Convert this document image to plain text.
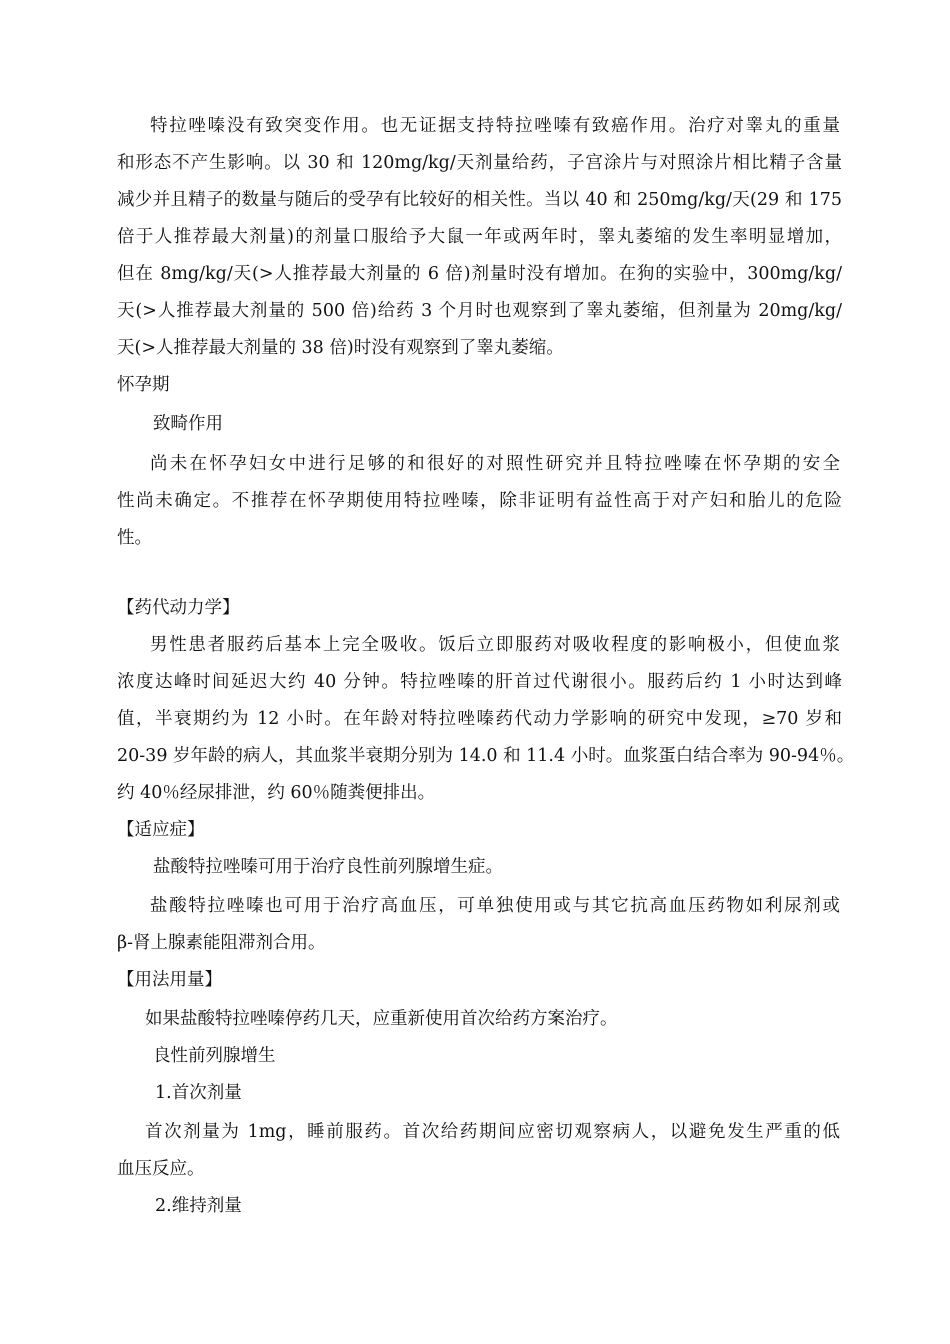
特拉唑嗪没有致突变作用。也无证据支持特拉唑嗪有致癌作用。治疗对睾丸的重量
和形态不产生影响。以 30 和 120mg/kg/天剂量给药，子宫涂片与对照涂片相比精子含量
减少并且精子的数量与随后的受孕有比较好的相关性。当以 40 和 250mg/kg/天(29 和 175
倍于人推荐最大剂量)的剂量口服给予大鼠一年或两年时，睾丸萎缩的发生率明显增加，
但在 8mg/kg/天(>人推荐最大剂量的 6 倍)剂量时没有增加。在狗的实验中，300mg/kg/
天(>人推荐最大剂量的 500 倍)给药 3 个月时也观察到了睾丸萎缩，但剂量为 20mg/kg/
天(>人推荐最大剂量的 38 倍)时没有观察到了睾丸萎缩。
怀孕期
致畸作用
尚未在怀孕妇女中进行足够的和很好的对照性研究并且特拉唑嗪在怀孕期的安全
性尚未确定。不推荐在怀孕期使用特拉唑嗪，除非证明有益性高于对产妇和胎儿的危险
性。
【药代动力学】
男性患者服药后基本上完全吸收。饭后立即服药对吸收程度的影响极小，但使血浆
浓度达峰时间延迟大约 40 分钟。特拉唑嗪的肝首过代谢很小。服药后约 1 小时达到峰
值，半衰期约为 12 小时。在年龄对特拉唑嗪药代动力学影响的研究中发现，≥70 岁和
20-39 岁年龄的病人，其血浆半衰期分别为 14.0 和 11.4 小时。血浆蛋白结合率为 90-94％。
约 40％经尿排泄，约 60％随粪便排出。
【适应症】
盐酸特拉唑嗪可用于治疗良性前列腺增生症。
盐酸特拉唑嗪也可用于治疗高血压，可单独使用或与其它抗高血压药物如利尿剂或
β-肾上腺素能阻滞剂合用。
【用法用量】
如果盐酸特拉唑嗪停药几天，应重新使用首次给药方案治疗。
良性前列腺增生
1.首次剂量
首次剂量为 1mg，睡前服药。首次给药期间应密切观察病人，以避免发生严重的低
血压反应。
2.维持剂量
